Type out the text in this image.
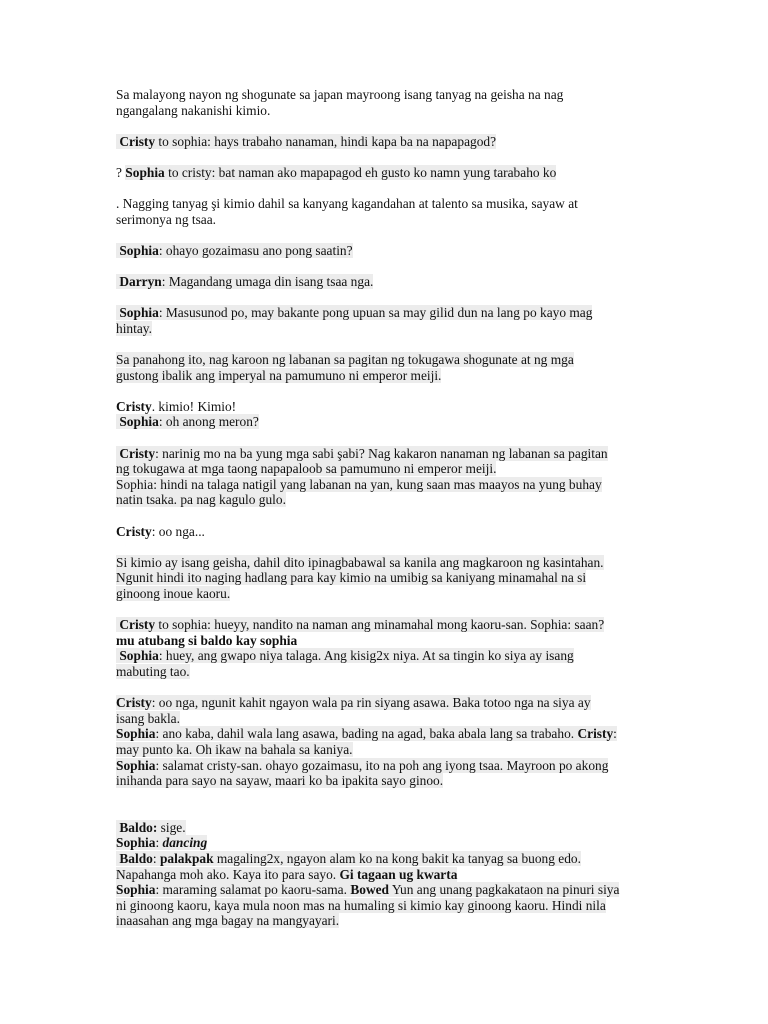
Sa malayong nayon ng shogunate sa japan mayroong isang tanyag na geisha na nag
ngangalang nakanishi kimio.
Cristy to sophia: hays trabaho nanaman, hindi kapa ba na napapagod?
? Sophia to cristy: bat naman ako mapapagod eh gusto ko namn yung tarabaho ko
. Nagging tanyag şi kimio dahil sa kanyang kagandahan at talento sa musika, sayaw at
serimonya ng tsaa.
Sophia: ohayo gozaimasu ano pong saatin?
Darryn: Magandang umaga din isang tsaa nga.
Sophia: Masusunod po, may bakante pong upuan sa may gilid dun na lang po kayo mag
hintay.
Sa panahong ito, nag karoon ng labanan sa pagitan ng tokugawa shogunate at ng mga
gustong ibalik ang imperyal na pamumuno ni emperor meiji.
Cristy. kimio! Kimio!
Sophia: oh anong meron?
Cristy: narinig mo na ba yung mga sabi şabi? Nag kakaron nanaman ng labanan sa pagitan
ng tokugawa at mga taong napapaloob sa pamumuno ni emperor meiji.
Sophia: hindi na talaga natigil yang labanan na yan, kung saan mas maayos na yung buhay
natin tsaka. pa nag kagulo gulo.
Cristy: oo nga...
Si kimio ay isang geisha, dahil dito ipinagbabawal sa kanila ang magkaroon ng kasintahan.
Ngunit hindi ito naging hadlang para kay kimio na umibig sa kaniyang minamahal na si
ginoong inoue kaoru.
Cristy to sophia: hueyy, nandito na naman ang minamahal mong kaoru-san. Sophia: saan?
mu atubang si baldo kay sophia
Sophia: huey, ang gwapo niya talaga. Ang kisig2x niya. At sa tingin ko siya ay isang
mabuting tao.
Cristy: oo nga, ngunit kahit ngayon wala pa rin siyang asawa. Baka totoo nga na siya ay
isang bakla.
Sophia: ano kaba, dahil wala lang asawa, bading na agad, baka abala lang sa trabaho. Cristy:
may punto ka. Oh ikaw na bahala sa kaniya.
Sophia: salamat cristy-san. ohayo gozaimasu, ito na poh ang iyong tsaa. Mayroon po akong
inihanda para sayo na sayaw, maari ko ba ipakita sayo ginoo.
Baldo: sige.
Sophia: dancing
Baldo: palakpak magaling2x, ngayon alam ko na kong bakit ka tanyag sa buong edo.
Napahanga moh ako. Kaya ito para sayo. Gi tagaan ug kwarta
Sophia: maraming salamat po kaoru-sama. Bowed Yun ang unang pagkakataon na pinuri siya
ni ginoong kaoru, kaya mula noon mas na humaling si kimio kay ginoong kaoru. Hindi nila
inaasahan ang mga bagay na mangyayari.
